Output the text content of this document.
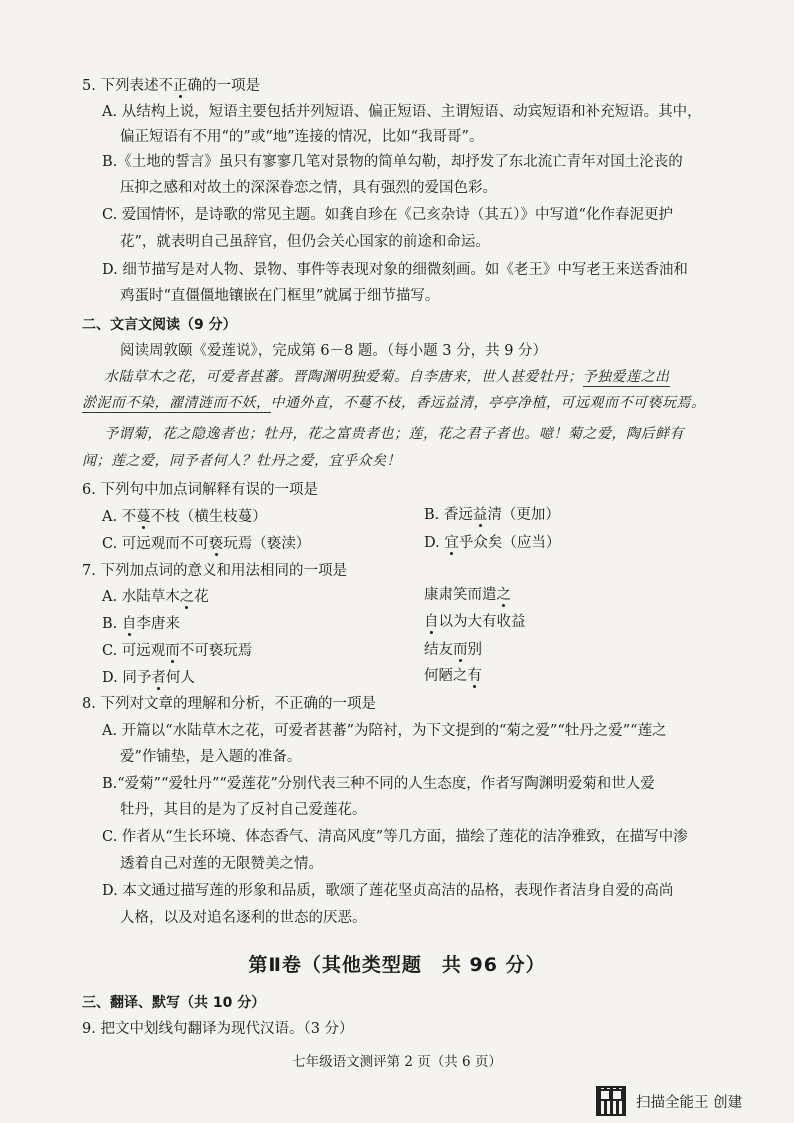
5. 下列表述不正确的一项是
A. 从结构上说，短语主要包括并列短语、偏正短语、主谓短语、动宾短语和补充短语。其中，
偏正短语有不用“的”或“地”连接的情况，比如“我哥哥”。
B.《土地的誓言》虽只有寥寥几笔对景物的简单勾勒，却抒发了东北流亡青年对国土沦丧的
压抑之感和对故土的深深眷恋之情，具有强烈的爱国色彩。
C. 爱国情怀，是诗歌的常见主题。如龚自珍在《己亥杂诗（其五）》中写道“化作春泥更护
花”，就表明自己虽辞官，但仍会关心国家的前途和命运。
D. 细节描写是对人物、景物、事件等表现对象的细微刻画。如《老王》中写老王来送香油和
鸡蛋时“直僵僵地镶嵌在门框里”就属于细节描写。
二、文言文阅读（9 分）
阅读周敦颐《爱莲说》，完成第 6－8 题。（每小题 3 分，共 9 分）
水陆草木之花，可爱者甚蕃。晋陶渊明独爱菊。自李唐来，世人甚爱牡丹；予独爱莲之出
淤泥而不染，濯清涟而不妖，中通外直，不蔓不枝，香远益清，亭亭净植，可远观而不可亵玩焉。
予谓菊，花之隐逸者也；牡丹，花之富贵者也；莲，花之君子者也。噫！菊之爱，陶后鲜有
闻；莲之爱，同予者何人？牡丹之爱，宜乎众矣！
6. 下列句中加点词解释有误的一项是
A. 不蔓不枝（横生枝蔓）	B. 香远益清（更加）
C. 可远观而不可亵玩焉（亵渎）	D. 宜乎众矣（应当）
7. 下列加点词的意义和用法相同的一项是
A. 水陆草木之花	康肃笑而遣之
B. 自李唐来	自以为大有收益
C. 可远观而不可亵玩焉	结友而别
D. 同予者何人	何陋之有
8. 下列对文章的理解和分析，不正确的一项是
A. 开篇以“水陆草木之花，可爱者甚蕃”为陪衬，为下文提到的“菊之爱”“牡丹之爱”“莲之
爱”作铺垫，是入题的准备。
B.“爱菊”“爱牡丹”“爱莲花”分别代表三种不同的人生态度，作者写陶渊明爱菊和世人爱
牡丹，其目的是为了反衬自己爱莲花。
C. 作者从“生长环境、体态香气、清高风度”等几方面，描绘了莲花的洁净雅致，在描写中渗
透着自己对莲的无限赞美之情。
D. 本文通过描写莲的形象和品质，歌颂了莲花坚贞高洁的品格，表现作者洁身自爱的高尚
人格，以及对追名逐利的世态的厌恶。
第Ⅱ卷（其他类型题　共 96 分）
三、翻译、默写（共 10 分）
9. 把文中划线句翻译为现代汉语。（3 分）
七年级语文测评第 2 页（共 6 页）
扫描全能王 创建
